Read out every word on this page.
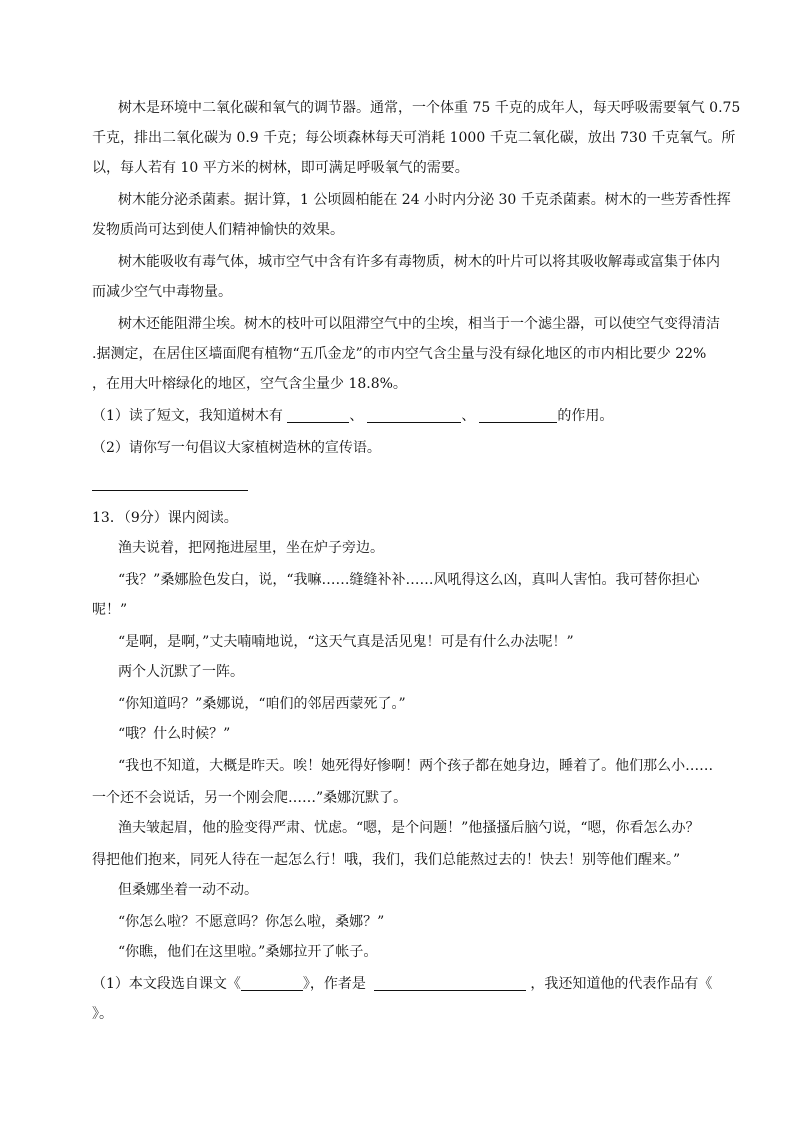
树木是环境中二氧化碳和氧气的调节器。通常，一个体重 75 千克的成年人，每天呼吸需要氧气 0.75
千克，排出二氧化碳为 0.9 千克；每公顷森林每天可消耗 1000 千克二氧化碳，放出 730 千克氧气。所
以，每人若有 10 平方米的树林，即可满足呼吸氧气的需要。
树木能分泌杀菌素。据计算，1 公顷圆柏能在 24 小时内分泌 30 千克杀菌素。树木的一些芳香性挥
发物质尚可达到使人们精神愉快的效果。
树木能吸收有毒气体，城市空气中含有许多有毒物质，树木的叶片可以将其吸收解毒或富集于体内
而减少空气中毒物量。
树木还能阻滞尘埃。树木的枝叶可以阻滞空气中的尘埃，相当于一个滤尘器，可以使空气变得清洁
.据测定，在居住区墙面爬有植物“五爪金龙”的市内空气含尘量与没有绿化地区的市内相比要少 22%
，在用大叶榕绿化的地区，空气含尘量少 18.8%。
（1）读了短文，我知道树木有	、	、	的作用。
（2）请你写一句倡议大家植树造林的宣传语。
13．（9分）课内阅读。
渔夫说着，把网拖进屋里，坐在炉子旁边。
“我？”桑娜脸色发白，说，“我嘛……缝缝补补……风吼得这么凶，真叫人害怕。我可替你担心
呢！”
“是啊，是啊，”丈夫喃喃地说，“这天气真是活见鬼！可是有什么办法呢！”
两个人沉默了一阵。
“你知道吗？”桑娜说，“咱们的邻居西蒙死了。”
“哦？什么时候？”
“我也不知道，大概是昨天。唉！她死得好惨啊！两个孩子都在她身边，睡着了。他们那么小……
一个还不会说话，另一个刚会爬……”桑娜沉默了。
渔夫皱起眉，他的脸变得严肃、忧虑。“嗯，是个问题！”他搔搔后脑勺说，“嗯，你看怎么办？
得把他们抱来，同死人待在一起怎么行！哦，我们，我们总能熬过去的！快去！别等他们醒来。”
但桑娜坐着一动不动。
“你怎么啦？不愿意吗？你怎么啦，桑娜？”
“你瞧，他们在这里啦。”桑娜拉开了帐子。
（1）本文段选自课文《	》，作者是	，我还知道他的代表作品有《
》。
